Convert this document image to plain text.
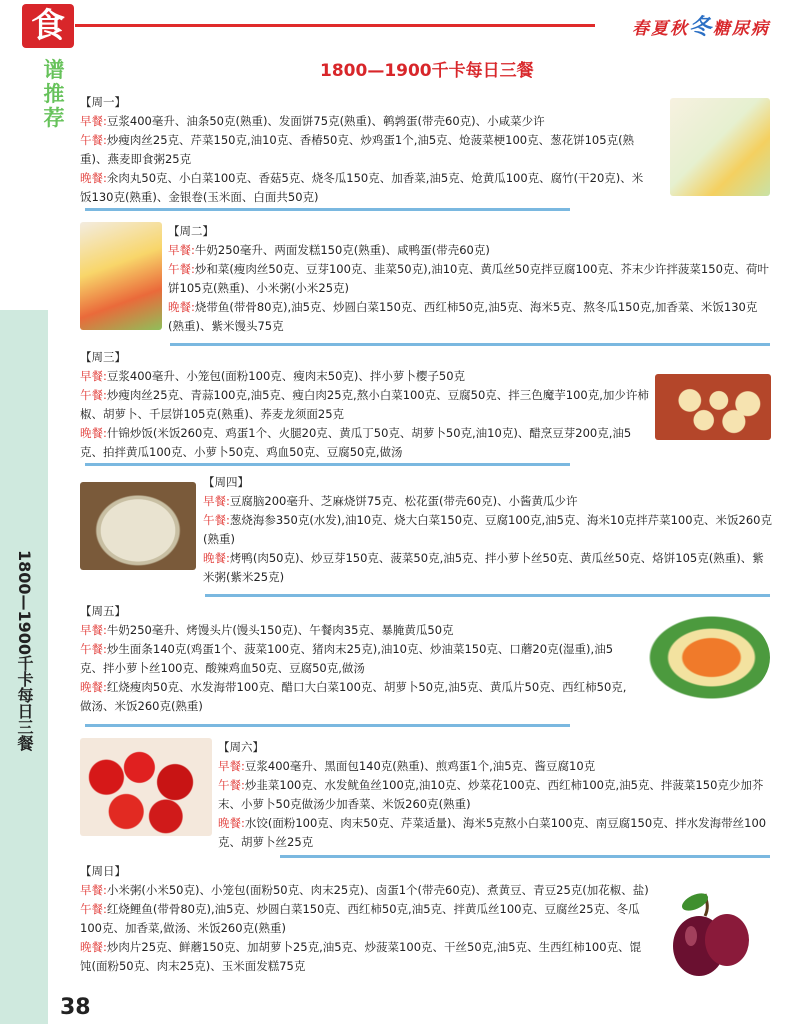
食
谱推荐
春夏秋冬糖尿病
1800—1900千卡每日三餐
1800—1900千卡每日三餐
38

【周一】

早餐:豆浆400毫升、油条50克(熟重)、发面饼75克(熟重)、鹌鹑蛋(带壳60克)、小咸菜少许

午餐:炒瘦肉丝25克、芹菜150克,油10克、香椿50克、炒鸡蛋1个,油5克、炝菠菜梗100克、葱花饼105克(熟重)、燕麦即食粥25克

晚餐:氽肉丸50克、小白菜100克、香菇5克、烧冬瓜150克、加香菜,油5克、炝黄瓜100克、腐竹(干20克)、米饭130克(熟重)、金银卷(玉米面、白面共50克)

【周二】

早餐:牛奶250毫升、两面发糕150克(熟重)、咸鸭蛋(带壳60克)

午餐:炒和菜(瘦肉丝50克、豆芽100克、韭菜50克),油10克、黄瓜丝50克拌豆腐100克、芥末少许拌菠菜150克、荷叶饼105克(熟重)、小米粥(小米25克)

晚餐:烧带鱼(带骨80克),油5克、炒圆白菜150克、西红柿50克,油5克、海米5克、熬冬瓜150克,加香菜、米饭130克(熟重)、紫米馒头75克

【周三】

早餐:豆浆400毫升、小笼包(面粉100克、瘦肉末50克)、拌小萝卜樱子50克

午餐:炒瘦肉丝25克、青蒜100克,油5克、瘦白肉25克,熬小白菜100克、豆腐50克、拌三色魔芋100克,加少许柿椒、胡萝卜、千层饼105克(熟重)、荞麦龙须面25克

晚餐:什锦炒饭(米饭260克、鸡蛋1个、火腿20克、黄瓜丁50克、胡萝卜50克,油10克)、醋烹豆芽200克,油5克、拍拌黄瓜100克、小萝卜50克、鸡血50克、豆腐50克,做汤

【周四】

早餐:豆腐脑200毫升、芝麻烧饼75克、松花蛋(带壳60克)、小酱黄瓜少许

午餐:葱烧海参350克(水发),油10克、烧大白菜150克、豆腐100克,油5克、海米10克拌芹菜100克、米饭260克(熟重)

晚餐:烤鸭(肉50克)、炒豆芽150克、菠菜50克,油5克、拌小萝卜丝50克、黄瓜丝50克、烙饼105克(熟重)、紫米粥(紫米25克)

【周五】

早餐:牛奶250毫升、烤馒头片(馒头150克)、午餐肉35克、暴腌黄瓜50克

午餐:炒生面条140克(鸡蛋1个、菠菜100克、猪肉末25克),油10克、炒油菜150克、口蘑20克(湿重),油5克、拌小萝卜丝100克、酸辣鸡血50克、豆腐50克,做汤

晚餐:红烧瘦肉50克、水发海带100克、醋口大白菜100克、胡萝卜50克,油5克、黄瓜片50克、西红柿50克,做汤、米饭260克(熟重)

【周六】

早餐:豆浆400毫升、黑面包140克(熟重)、煎鸡蛋1个,油5克、酱豆腐10克

午餐:炒韭菜100克、水发鱿鱼丝100克,油10克、炒菜花100克、西红柿100克,油5克、拌菠菜150克少加芥末、小萝卜50克做汤少加香菜、米饭260克(熟重)

晚餐:水饺(面粉100克、肉末50克、芹菜适量)、海米5克熬小白菜100克、南豆腐150克、拌水发海带丝100克、胡萝卜丝25克

【周日】

早餐:小米粥(小米50克)、小笼包(面粉50克、肉末25克)、卤蛋1个(带壳60克)、煮黄豆、青豆25克(加花椒、盐)

午餐:红烧鲤鱼(带骨80克),油5克、炒圆白菜150克、西红柿50克,油5克、拌黄瓜丝100克、豆腐丝25克、冬瓜100克、加香菜,做汤、米饭260克(熟重)

晚餐:炒肉片25克、鲜蘑150克、加胡萝卜25克,油5克、炒菠菜100克、干丝50克,油5克、生西红柿100克、馄饨(面粉50克、肉末25克)、玉米面发糕75克
